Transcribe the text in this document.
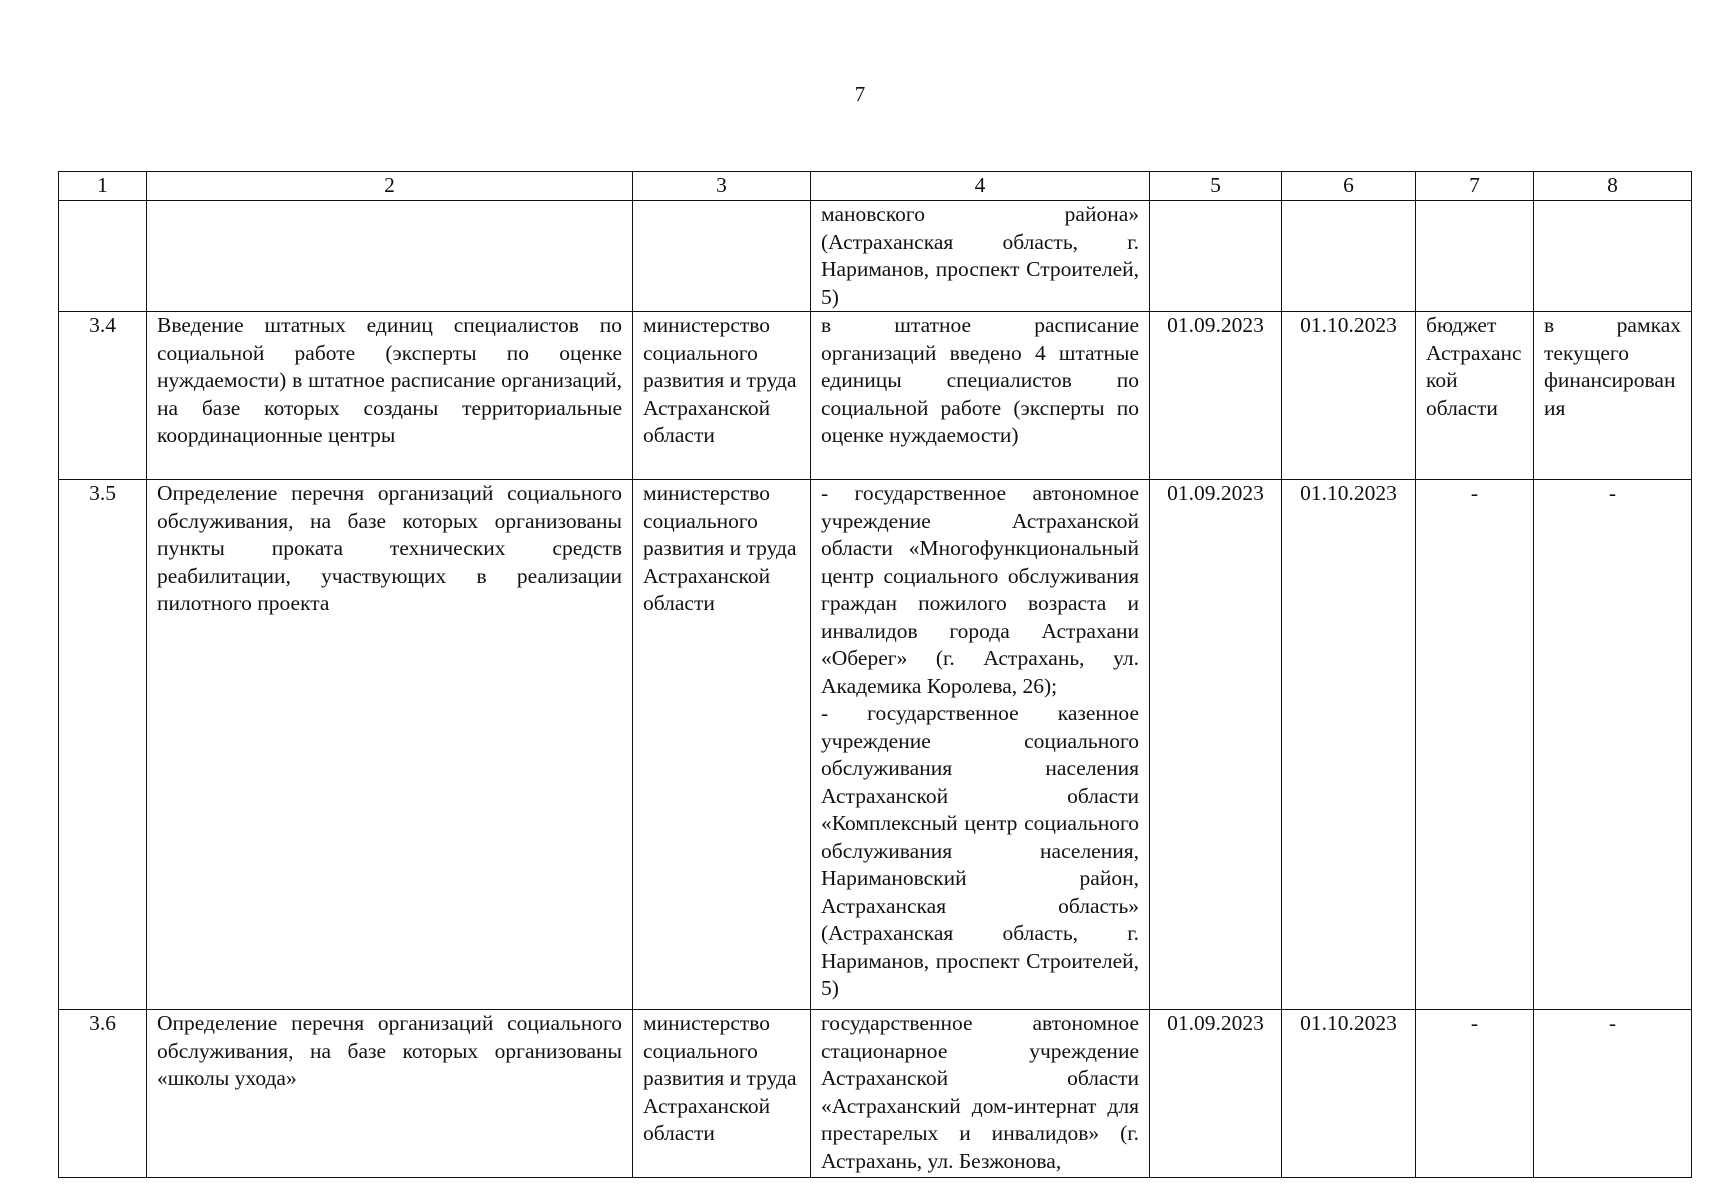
7
1	2	3	4	5	6	7	8

			мановского района» (Астраханская область, г. Нариманов, проспект Строителей, 5)				

3.4	Введение штатных единиц специалистов по социальной работе (эксперты по оценке нуждаемости) в штатное расписание организаций, на базе которых созданы территориальные координационные центры	министерство социального развития и труда Астраханской области	в штатное расписание организаций введено 4 штатные единицы специалистов по социальной работе (эксперты по оценке нуждаемости)	01.09.2023	01.10.2023	бюджет Астраханской области	в рамках текущего финансирования
3.5	Определение перечня организаций социального обслуживания, на базе которых организованы пункты проката технических средств реабилитации, участвующих в реализации пилотного проекта	министерство социального развития и труда Астраханской области	- государственное автономное учреждение Астраханской области «Многофункциональный центр социального обслуживания граждан пожилого возраста и инвалидов города Астрахани «Оберег» (г. Астрахань, ул. Академика Королева, 26);
- государственное казенное учреждение социального обслуживания населения Астраханской области «Комплексный центр социального обслуживания населения, Наримановский район, Астраханская область» (Астраханская область, г. Нариманов, проспект Строителей, 5)	01.09.2023	01.10.2023	-	-
3.6	Определение перечня организаций социального обслуживания, на базе которых организованы «школы ухода»	министерство социального развития и труда Астраханской области	государственное автономное стационарное учреждение Астраханской области «Астраханский дом-интернат для престарелых и инвалидов» (г. Астрахань, ул. Безжонова,	01.09.2023	01.10.2023	-	-
